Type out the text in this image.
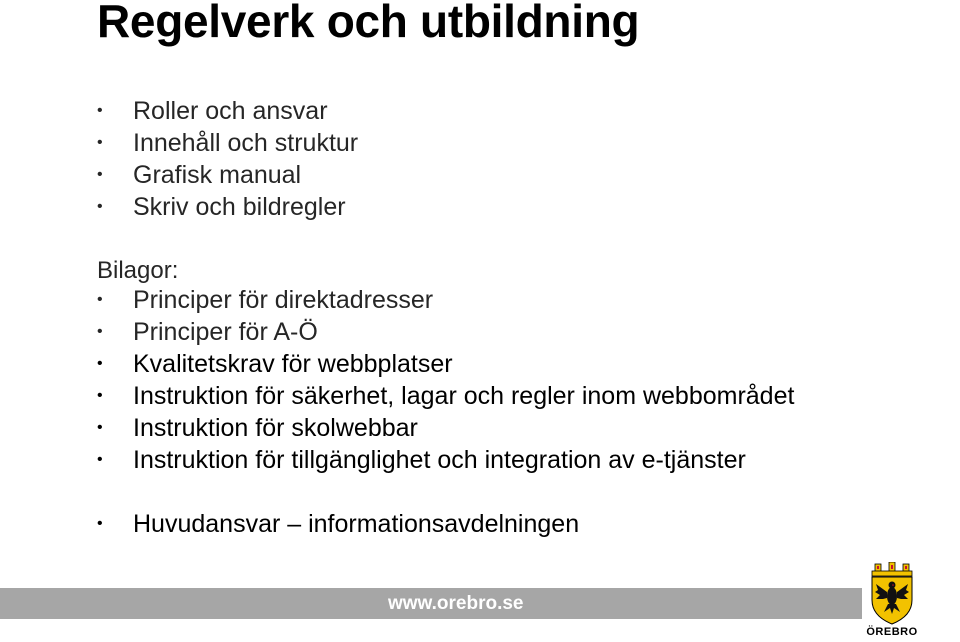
Regelverk och utbildning
•	Roller och ansvar
•	Innehåll och struktur
•	Grafisk manual
•	Skriv och bildregler

Bilagor:

•	Principer för direktadresser
•	Principer för A-Ö
•	Kvalitetskrav för webbplatser
•	Instruktion för säkerhet, lagar och regler inom webbområdet
•	Instruktion för skolwebbar
•	Instruktion för tillgänglighet och integration av e-tjänster
•	Huvudansvar – informationsavdelningen
www.orebro.se
ÖREBRO
